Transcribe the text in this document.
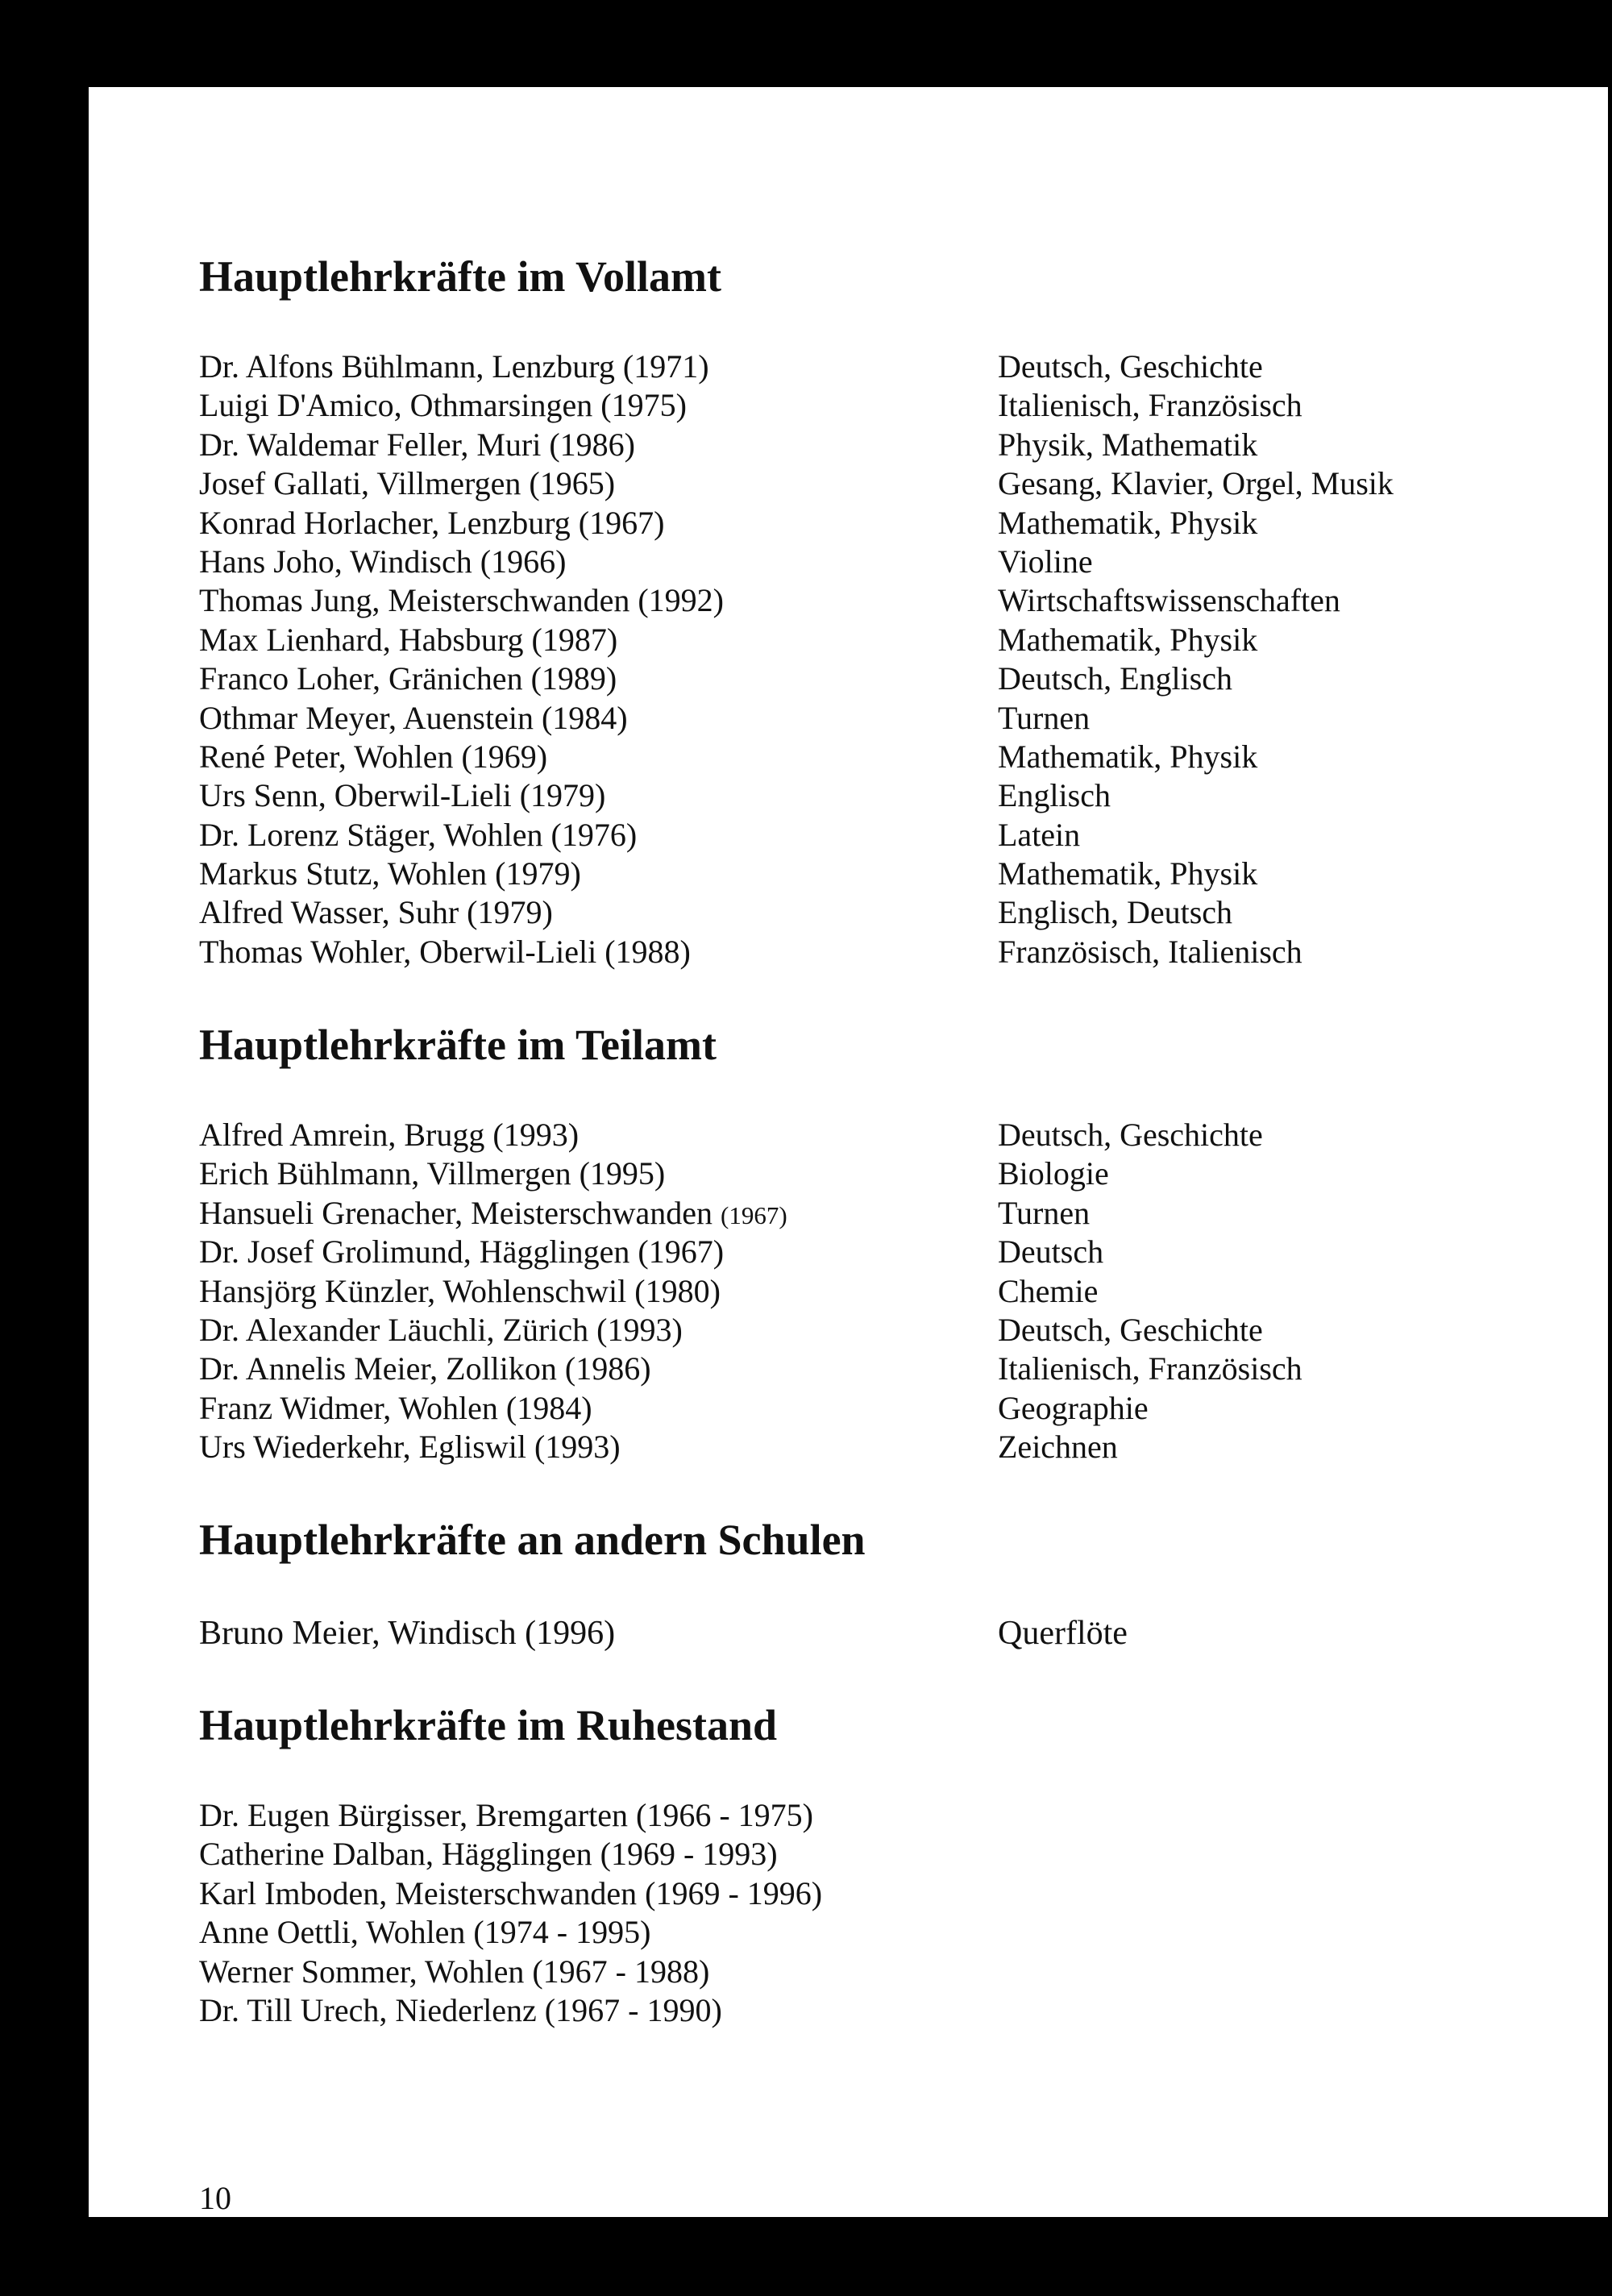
Hauptlehrkräfte im Vollamt
Dr. Alfons Bühlmann, Lenzburg (1971)	Deutsch, Geschichte
Luigi D'Amico, Othmarsingen (1975)	Italienisch, Französisch
Dr. Waldemar Feller, Muri (1986)	Physik, Mathematik
Josef Gallati, Villmergen (1965)	Gesang, Klavier, Orgel, Musik
Konrad Horlacher, Lenzburg (1967)	Mathematik, Physik
Hans Joho, Windisch (1966)	Violine
Thomas Jung, Meisterschwanden (1992)	Wirtschaftswissenschaften
Max Lienhard, Habsburg (1987)	Mathematik, Physik
Franco Loher, Gränichen (1989)	Deutsch, Englisch
Othmar Meyer, Auenstein (1984)	Turnen
René Peter, Wohlen (1969)	Mathematik, Physik
Urs Senn, Oberwil-Lieli (1979)	Englisch
Dr. Lorenz Stäger, Wohlen (1976)	Latein
Markus Stutz, Wohlen (1979)	Mathematik, Physik
Alfred Wasser, Suhr (1979)	Englisch, Deutsch
Thomas Wohler, Oberwil-Lieli (1988)	Französisch, Italienisch
Hauptlehrkräfte im Teilamt
Alfred Amrein, Brugg (1993)	Deutsch, Geschichte
Erich Bühlmann, Villmergen (1995)	Biologie
Hansueli Grenacher, Meisterschwanden (1967)	Turnen
Dr. Josef Grolimund, Hägglingen (1967)	Deutsch
Hansjörg Künzler, Wohlenschwil (1980)	Chemie
Dr. Alexander Läuchli, Zürich (1993)	Deutsch, Geschichte
Dr. Annelis Meier, Zollikon (1986)	Italienisch, Französisch
Franz Widmer, Wohlen (1984)	Geographie
Urs Wiederkehr, Egliswil (1993)	Zeichnen
Hauptlehrkräfte an andern Schulen
Bruno Meier, Windisch (1996)	Querflöte
Hauptlehrkräfte im Ruhestand
Dr. Eugen Bürgisser, Bremgarten (1966 - 1975)
Catherine Dalban, Hägglingen (1969 - 1993)
Karl Imboden, Meisterschwanden (1969 - 1996)
Anne Oettli, Wohlen (1974 - 1995)
Werner Sommer, Wohlen (1967 - 1988)
Dr. Till Urech, Niederlenz (1967 - 1990)
10
